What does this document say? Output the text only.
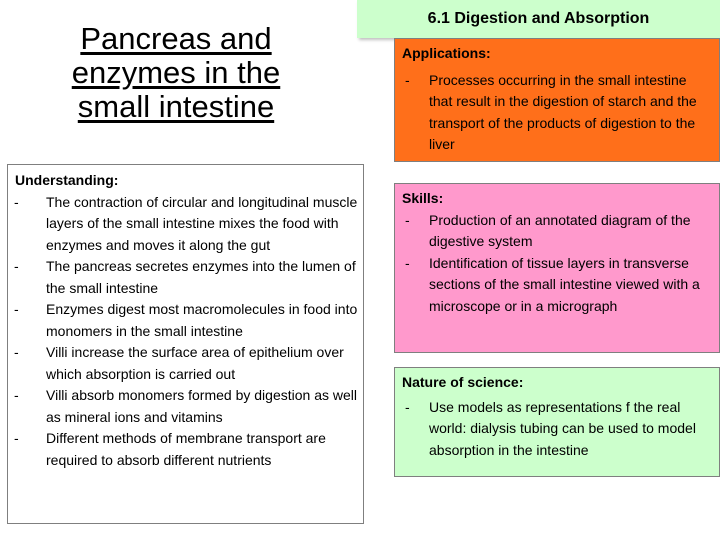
Pancreas and enzymes in the small intestine
6.1 Digestion and Absorption
Understanding:
- The contraction of circular and longitudinal muscle layers of the small intestine mixes the food with enzymes and moves it along the gut
- The pancreas secretes enzymes into the lumen of the small intestine
- Enzymes digest most macromolecules in food into monomers in the small intestine
- Villi increase the surface area of epithelium over which absorption is carried out
- Villi absorb monomers formed by digestion as well as mineral ions and vitamins
- Different methods of membrane transport are required to absorb different nutrients
Applications:
- Processes occurring in the small intestine that result in the digestion of starch and the transport of the products of digestion to the liver
Skills:
- Production of an annotated diagram of the digestive system
- Identification of tissue layers in transverse sections of the small intestine viewed with a microscope or in a micrograph
Nature of science:
- Use models as representations f the real world: dialysis tubing can be used to model absorption in the intestine
